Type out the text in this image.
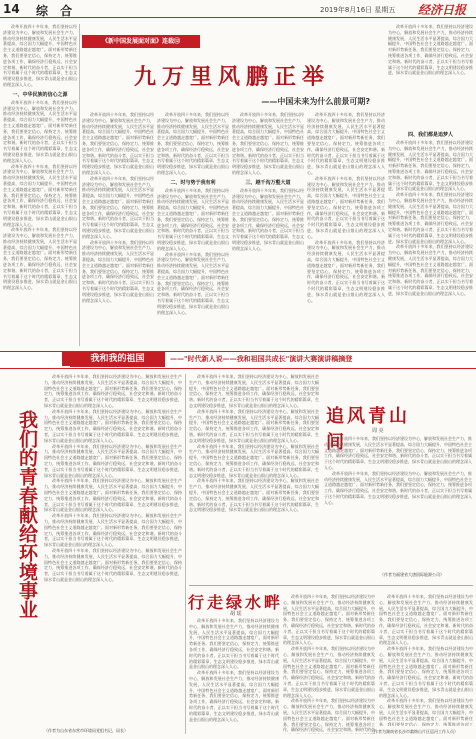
14 综 合	2019年8月16日 星期五 经济日报
改革开放四十多年来，我们坚持以经济建设为中心，解放和发展社会生产力，推动经济持续健康发展，人民生活水平显著提高，综合国力大幅提升，中国特色社会主义道路越走越宽广。面对新形势新任务，我们要坚定信心，保持定力，统筹推进各项工作，确保经济行稳致远，社会安定和谐。新时代的奋斗者，正以实干担当书写着属于这个时代的精彩篇章，生态文明建设稳步推进，绿水青山就是金山银山的理念深入人心。
一、中华民族的信心之源
改革开放四十多年来，我们坚持以经济建设为中心，解放和发展社会生产力，推动经济持续健康发展，人民生活水平显著提高，综合国力大幅提升，中国特色社会主义道路越走越宽广。面对新形势新任务，我们要坚定信心，保持定力，统筹推进各项工作，确保经济行稳致远，社会安定和谐。新时代的奋斗者，正以实干担当书写着属于这个时代的精彩篇章，生态文明建设稳步推进，绿水青山就是金山银山的理念深入人心。
改革开放四十多年来，我们坚持以经济建设为中心，解放和发展社会生产力，推动经济持续健康发展，人民生活水平显著提高，综合国力大幅提升，中国特色社会主义道路越走越宽广。面对新形势新任务，我们要坚定信心，保持定力，统筹推进各项工作，确保经济行稳致远，社会安定和谐。新时代的奋斗者，正以实干担当书写着属于这个时代的精彩篇章，生态文明建设稳步推进，绿水青山就是金山银山的理念深入人心。
改革开放四十多年来，我们坚持以经济建设为中心，解放和发展社会生产力，推动经济持续健康发展，人民生活水平显著提高，综合国力大幅提升，中国特色社会主义道路越走越宽广。面对新形势新任务，我们要坚定信心，保持定力，统筹推进各项工作，确保经济行稳致远，社会安定和谐。新时代的奋斗者，正以实干担当书写着属于这个时代的精彩篇章，生态文明建设稳步推进，绿水青山就是金山银山的理念深入人心。
《新中国发展面对面》连载⑫
九万里风鹏正举
——中国未来为什么前景可期?
改革开放四十多年来，我们坚持以经济建设为中心，解放和发展社会生产力，推动经济持续健康发展，人民生活水平显著提高，综合国力大幅提升，中国特色社会主义道路越走越宽广。面对新形势新任务，我们要坚定信心，保持定力，统筹推进各项工作，确保经济行稳致远，社会安定和谐。新时代的奋斗者，正以实干担当书写着属于这个时代的精彩篇章，生态文明建设稳步推进，绿水青山就是金山银山的理念深入人心。
改革开放四十多年来，我们坚持以经济建设为中心，解放和发展社会生产力，推动经济持续健康发展，人民生活水平显著提高，综合国力大幅提升，中国特色社会主义道路越走越宽广。面对新形势新任务，我们要坚定信心，保持定力，统筹推进各项工作，确保经济行稳致远，社会安定和谐。新时代的奋斗者，正以实干担当书写着属于这个时代的精彩篇章，生态文明建设稳步推进，绿水青山就是金山银山的理念深入人心。
改革开放四十多年来，我们坚持以经济建设为中心，解放和发展社会生产力，推动经济持续健康发展，人民生活水平显著提高，综合国力大幅提升，中国特色社会主义道路越走越宽广。面对新形势新任务，我们要坚定信心，保持定力，统筹推进各项工作，确保经济行稳致远，社会安定和谐。新时代的奋斗者，正以实干担当书写着属于这个时代的精彩篇章，生态文明建设稳步推进，绿水青山就是金山银山的理念深入人心。
改革开放四十多年来，我们坚持以经济建设为中心，解放和发展社会生产力，推动经济持续健康发展，人民生活水平显著提高，综合国力大幅提升，中国特色社会主义道路越走越宽广。面对新形势新任务，我们要坚定信心，保持定力，统筹推进各项工作，确保经济行稳致远，社会安定和谐。新时代的奋斗者，正以实干担当书写着属于这个时代的精彩篇章，生态文明建设稳步推进，绿水青山就是金山银山的理念深入人心。
改革开放四十多年来，我们坚持以经济建设为中心，解放和发展社会生产力，推动经济持续健康发展，人民生活水平显著提高，综合国力大幅提升，中国特色社会主义道路越走越宽广。面对新形势新任务，我们要坚定信心，保持定力，统筹推进各项工作，确保经济行稳致远，社会安定和谐。新时代的奋斗者，正以实干担当书写着属于这个时代的精彩篇章，生态文明建设稳步推进，绿水青山就是金山银山的理念深入人心。
二、时与势于我有利
改革开放四十多年来，我们坚持以经济建设为中心，解放和发展社会生产力，推动经济持续健康发展，人民生活水平显著提高，综合国力大幅提升，中国特色社会主义道路越走越宽广。面对新形势新任务，我们要坚定信心，保持定力，统筹推进各项工作，确保经济行稳致远，社会安定和谐。新时代的奋斗者，正以实干担当书写着属于这个时代的精彩篇章，生态文明建设稳步推进，绿水青山就是金山银山的理念深入人心。
改革开放四十多年来，我们坚持以经济建设为中心，解放和发展社会生产力，推动经济持续健康发展，人民生活水平显著提高，综合国力大幅提升，中国特色社会主义道路越走越宽广。面对新形势新任务，我们要坚定信心，保持定力，统筹推进各项工作，确保经济行稳致远，社会安定和谐。新时代的奋斗者，正以实干担当书写着属于这个时代的精彩篇章，生态文明建设稳步推进，绿水青山就是金山银山的理念深入人心。
改革开放四十多年来，我们坚持以经济建设为中心，解放和发展社会生产力，推动经济持续健康发展，人民生活水平显著提高，综合国力大幅提升，中国特色社会主义道路越走越宽广。面对新形势新任务，我们要坚定信心，保持定力，统筹推进各项工作，确保经济行稳致远，社会安定和谐。新时代的奋斗者，正以实干担当书写着属于这个时代的精彩篇章，生态文明建设稳步推进，绿水青山就是金山银山的理念深入人心。
三、越千沟万壑大道
改革开放四十多年来，我们坚持以经济建设为中心，解放和发展社会生产力，推动经济持续健康发展，人民生活水平显著提高，综合国力大幅提升，中国特色社会主义道路越走越宽广。面对新形势新任务，我们要坚定信心，保持定力，统筹推进各项工作，确保经济行稳致远，社会安定和谐。新时代的奋斗者，正以实干担当书写着属于这个时代的精彩篇章，生态文明建设稳步推进，绿水青山就是金山银山的理念深入人心。
改革开放四十多年来，我们坚持以经济建设为中心，解放和发展社会生产力，推动经济持续健康发展，人民生活水平显著提高，综合国力大幅提升，中国特色社会主义道路越走越宽广。面对新形势新任务，我们要坚定信心，保持定力，统筹推进各项工作，确保经济行稳致远，社会安定和谐。新时代的奋斗者，正以实干担当书写着属于这个时代的精彩篇章，生态文明建设稳步推进，绿水青山就是金山银山的理念深入人心。
改革开放四十多年来，我们坚持以经济建设为中心，解放和发展社会生产力，推动经济持续健康发展，人民生活水平显著提高，综合国力大幅提升，中国特色社会主义道路越走越宽广。面对新形势新任务，我们要坚定信心，保持定力，统筹推进各项工作，确保经济行稳致远，社会安定和谐。新时代的奋斗者，正以实干担当书写着属于这个时代的精彩篇章，生态文明建设稳步推进，绿水青山就是金山银山的理念深入人心。
改革开放四十多年来，我们坚持以经济建设为中心，解放和发展社会生产力，推动经济持续健康发展，人民生活水平显著提高，综合国力大幅提升，中国特色社会主义道路越走越宽广。面对新形势新任务，我们要坚定信心，保持定力，统筹推进各项工作，确保经济行稳致远，社会安定和谐。新时代的奋斗者，正以实干担当书写着属于这个时代的精彩篇章，生态文明建设稳步推进，绿水青山就是金山银山的理念深入人心。
四、我们都是追梦人
改革开放四十多年来，我们坚持以经济建设为中心，解放和发展社会生产力，推动经济持续健康发展，人民生活水平显著提高，综合国力大幅提升，中国特色社会主义道路越走越宽广。面对新形势新任务，我们要坚定信心，保持定力，统筹推进各项工作，确保经济行稳致远，社会安定和谐。新时代的奋斗者，正以实干担当书写着属于这个时代的精彩篇章，生态文明建设稳步推进，绿水青山就是金山银山的理念深入人心。
改革开放四十多年来，我们坚持以经济建设为中心，解放和发展社会生产力，推动经济持续健康发展，人民生活水平显著提高，综合国力大幅提升，中国特色社会主义道路越走越宽广。面对新形势新任务，我们要坚定信心，保持定力，统筹推进各项工作，确保经济行稳致远，社会安定和谐。新时代的奋斗者，正以实干担当书写着属于这个时代的精彩篇章，生态文明建设稳步推进，绿水青山就是金山银山的理念深入人心。
改革开放四十多年来，我们坚持以经济建设为中心，解放和发展社会生产力，推动经济持续健康发展，人民生活水平显著提高，综合国力大幅提升，中国特色社会主义道路越走越宽广。面对新形势新任务，我们要坚定信心，保持定力，统筹推进各项工作，确保经济行稳致远，社会安定和谐。新时代的奋斗者，正以实干担当书写着属于这个时代的精彩篇章，生态文明建设稳步推进，绿水青山就是金山银山的理念深入人心。
我和我的祖国	——"时代新人说——我和祖国共成长"演讲大赛演讲稿摘登
我们的青春献给环境事业
改革开放四十多年来，我们坚持以经济建设为中心，解放和发展社会生产力，推动经济持续健康发展，人民生活水平显著提高，综合国力大幅提升，中国特色社会主义道路越走越宽广。面对新形势新任务，我们要坚定信心，保持定力，统筹推进各项工作，确保经济行稳致远，社会安定和谐。新时代的奋斗者，正以实干担当书写着属于这个时代的精彩篇章，生态文明建设稳步推进，绿水青山就是金山银山的理念深入人心。
改革开放四十多年来，我们坚持以经济建设为中心，解放和发展社会生产力，推动经济持续健康发展，人民生活水平显著提高，综合国力大幅提升，中国特色社会主义道路越走越宽广。面对新形势新任务，我们要坚定信心，保持定力，统筹推进各项工作，确保经济行稳致远，社会安定和谐。新时代的奋斗者，正以实干担当书写着属于这个时代的精彩篇章，生态文明建设稳步推进，绿水青山就是金山银山的理念深入人心。
改革开放四十多年来，我们坚持以经济建设为中心，解放和发展社会生产力，推动经济持续健康发展，人民生活水平显著提高，综合国力大幅提升，中国特色社会主义道路越走越宽广。面对新形势新任务，我们要坚定信心，保持定力，统筹推进各项工作，确保经济行稳致远，社会安定和谐。新时代的奋斗者，正以实干担当书写着属于这个时代的精彩篇章，生态文明建设稳步推进，绿水青山就是金山银山的理念深入人心。
改革开放四十多年来，我们坚持以经济建设为中心，解放和发展社会生产力，推动经济持续健康发展，人民生活水平显著提高，综合国力大幅提升，中国特色社会主义道路越走越宽广。面对新形势新任务，我们要坚定信心，保持定力，统筹推进各项工作，确保经济行稳致远，社会安定和谐。新时代的奋斗者，正以实干担当书写着属于这个时代的精彩篇章，生态文明建设稳步推进，绿水青山就是金山银山的理念深入人心。
改革开放四十多年来，我们坚持以经济建设为中心，解放和发展社会生产力，推动经济持续健康发展，人民生活水平显著提高，综合国力大幅提升，中国特色社会主义道路越走越宽广。面对新形势新任务，我们要坚定信心，保持定力，统筹推进各项工作，确保经济行稳致远，社会安定和谐。新时代的奋斗者，正以实干担当书写着属于这个时代的精彩篇章，生态文明建设稳步推进，绿水青山就是金山银山的理念深入人心。
改革开放四十多年来，我们坚持以经济建设为中心，解放和发展社会生产力，推动经济持续健康发展，人民生活水平显著提高，综合国力大幅提升，中国特色社会主义道路越走越宽广。面对新形势新任务，我们要坚定信心，保持定力，统筹推进各项工作，确保经济行稳致远，社会安定和谐。新时代的奋斗者，正以实干担当书写着属于这个时代的精彩篇章，生态文明建设稳步推进，绿水青山就是金山银山的理念深入人心。
（作者为山东省东营市环境局党组书记、局长）
改革开放四十多年来，我们坚持以经济建设为中心，解放和发展社会生产力，推动经济持续健康发展，人民生活水平显著提高，综合国力大幅提升，中国特色社会主义道路越走越宽广。面对新形势新任务，我们要坚定信心，保持定力，统筹推进各项工作，确保经济行稳致远，社会安定和谐。新时代的奋斗者，正以实干担当书写着属于这个时代的精彩篇章，生态文明建设稳步推进，绿水青山就是金山银山的理念深入人心。
改革开放四十多年来，我们坚持以经济建设为中心，解放和发展社会生产力，推动经济持续健康发展，人民生活水平显著提高，综合国力大幅提升，中国特色社会主义道路越走越宽广。面对新形势新任务，我们要坚定信心，保持定力，统筹推进各项工作，确保经济行稳致远，社会安定和谐。新时代的奋斗者，正以实干担当书写着属于这个时代的精彩篇章，生态文明建设稳步推进，绿水青山就是金山银山的理念深入人心。
改革开放四十多年来，我们坚持以经济建设为中心，解放和发展社会生产力，推动经济持续健康发展，人民生活水平显著提高，综合国力大幅提升，中国特色社会主义道路越走越宽广。面对新形势新任务，我们要坚定信心，保持定力，统筹推进各项工作，确保经济行稳致远，社会安定和谐。新时代的奋斗者，正以实干担当书写着属于这个时代的精彩篇章，生态文明建设稳步推进，绿水青山就是金山银山的理念深入人心。
改革开放四十多年来，我们坚持以经济建设为中心，解放和发展社会生产力，推动经济持续健康发展，人民生活水平显著提高，综合国力大幅提升，中国特色社会主义道路越走越宽广。面对新形势新任务，我们要坚定信心，保持定力，统筹推进各项工作，确保经济行稳致远，社会安定和谐。新时代的奋斗者，正以实干担当书写着属于这个时代的精彩篇章，生态文明建设稳步推进，绿水青山就是金山银山的理念深入人心。
追风青山间
周 亮
改革开放四十多年来，我们坚持以经济建设为中心，解放和发展社会生产力，推动经济持续健康发展，人民生活水平显著提高，综合国力大幅提升，中国特色社会主义道路越走越宽广。面对新形势新任务，我们要坚定信心，保持定力，统筹推进各项工作，确保经济行稳致远，社会安定和谐。新时代的奋斗者，正以实干担当书写着属于这个时代的精彩篇章，生态文明建设稳步推进，绿水青山就是金山银山的理念深入人心。
改革开放四十多年来，我们坚持以经济建设为中心，解放和发展社会生产力，推动经济持续健康发展，人民生活水平显著提高，综合国力大幅提升，中国特色社会主义道路越走越宽广。面对新形势新任务，我们要坚定信心，保持定力，统筹推进各项工作，确保经济行稳致远，社会安定和谐。新时代的奋斗者，正以实干担当书写着属于这个时代的精彩篇章，生态文明建设稳步推进，绿水青山就是金山银山的理念深入人心。
（作者为福建省大唐国际能源公司）
行走绿水畔
胡 瑶
改革开放四十多年来，我们坚持以经济建设为中心，解放和发展社会生产力，推动经济持续健康发展，人民生活水平显著提高，综合国力大幅提升，中国特色社会主义道路越走越宽广。面对新形势新任务，我们要坚定信心，保持定力，统筹推进各项工作，确保经济行稳致远，社会安定和谐。新时代的奋斗者，正以实干担当书写着属于这个时代的精彩篇章，生态文明建设稳步推进，绿水青山就是金山银山的理念深入人心。
改革开放四十多年来，我们坚持以经济建设为中心，解放和发展社会生产力，推动经济持续健康发展，人民生活水平显著提高，综合国力大幅提升，中国特色社会主义道路越走越宽广。面对新形势新任务，我们要坚定信心，保持定力，统筹推进各项工作，确保经济行稳致远，社会安定和谐。新时代的奋斗者，正以实干担当书写着属于这个时代的精彩篇章，生态文明建设稳步推进，绿水青山就是金山银山的理念深入人心。
改革开放四十多年来，我们坚持以经济建设为中心，解放和发展社会生产力，推动经济持续健康发展，人民生活水平显著提高，综合国力大幅提升，中国特色社会主义道路越走越宽广。面对新形势新任务，我们要坚定信心，保持定力，统筹推进各项工作，确保经济行稳致远，社会安定和谐。新时代的奋斗者，正以实干担当书写着属于这个时代的精彩篇章，生态文明建设稳步推进，绿水青山就是金山银山的理念深入人心。
改革开放四十多年来，我们坚持以经济建设为中心，解放和发展社会生产力，推动经济持续健康发展，人民生活水平显著提高，综合国力大幅提升，中国特色社会主义道路越走越宽广。面对新形势新任务，我们要坚定信心，保持定力，统筹推进各项工作，确保经济行稳致远，社会安定和谐。新时代的奋斗者，正以实干担当书写着属于这个时代的精彩篇章，生态文明建设稳步推进，绿水青山就是金山银山的理念深入人心。
改革开放四十多年来，我们坚持以经济建设为中心，解放和发展社会生产力，推动经济持续健康发展，人民生活水平显著提高，综合国力大幅提升，中国特色社会主义道路越走越宽广。面对新形势新任务，我们要坚定信心，保持定力，统筹推进各项工作，确保经济行稳致远，社会安定和谐。新时代的奋
改革开放四十多年来，我们坚持以经济建设为中心，解放和发展社会生产力，推动经济持续健康发展，人民生活水平显著提高，综合国力大幅提升，中国特色社会主义道路越走越宽广。面对新形势新任务，我们要坚定信心，保持定力，统筹推进各项工作，确保经济行稳致远，社会安定和谐。新时代的奋斗者，正以实干担当书写着属于这个时代的精彩篇章，生态文明建设稳步推进，绿水青山就是金山银山的理念深入人心。
改革开放四十多年来，我们坚持以经济建设为中心，解放和发展社会生产力，推动经济持续健康发展，人民生活水平显著提高，综合国力大幅提升，中国特色社会主义道路越走越宽广。面对新形势新任务，我们要坚定信心，保持定力，统筹推进各项工作，确保经济行稳致远，社会安定和谐。新时代的奋斗者，正以实干担当书写着属于这个时代的精彩篇章，生态文明建设稳步推进，绿水青山就是金山银山的理念深入人心。
改革开放四十多年来，我们坚持以经济建设为中心，解放和发展社会生产力，推动经济持续健康发展，人民生活水平显著提高，综合国力大幅提升，中国特色社会主义道路越走越宽广。面对新形势新任务，我们要坚定信心，保持定力，统筹推进各项工
（作者为湖南省长沙市翁锦山片区巡河工作人员）
